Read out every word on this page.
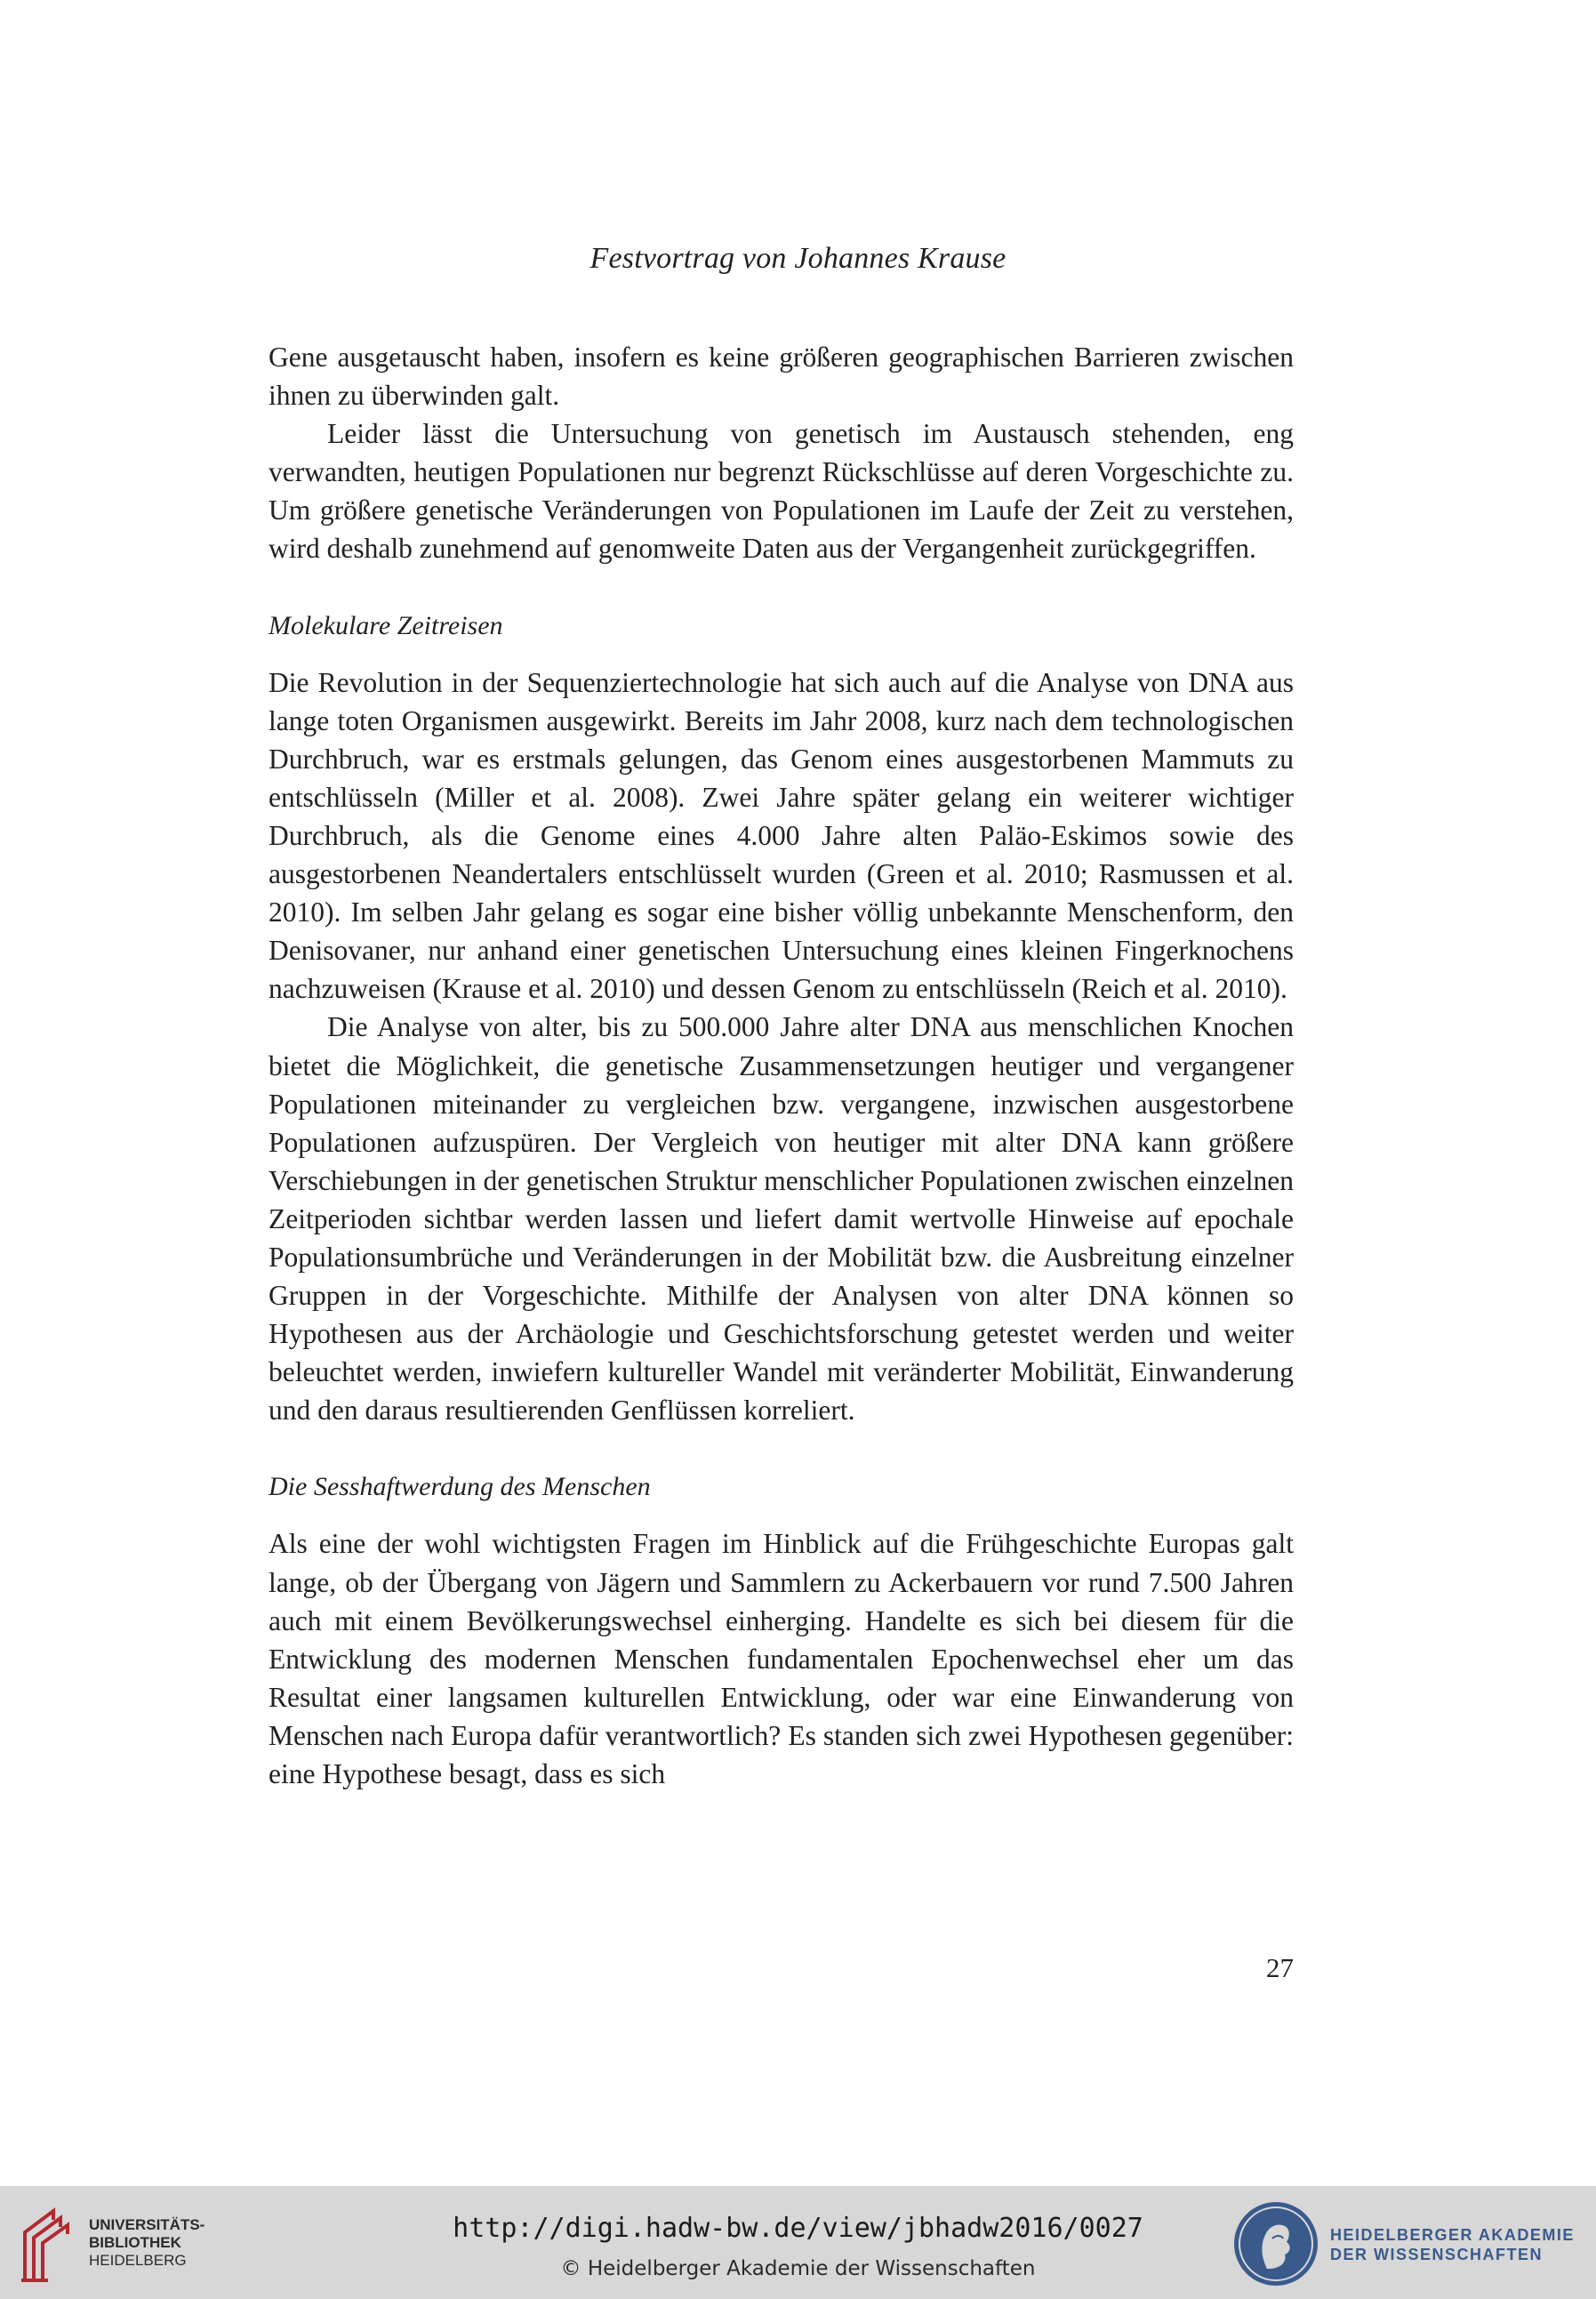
Festvortrag von Johannes Krause

Gene ausgetauscht haben, insofern es keine größeren geographischen Barrieren zwischen ihnen zu überwinden galt.

Leider lässt die Untersuchung von genetisch im Austausch stehenden, eng verwandten, heutigen Populationen nur begrenzt Rückschlüsse auf deren Vorgeschichte zu. Um größere genetische Veränderungen von Populationen im Laufe der Zeit zu verstehen, wird deshalb zunehmend auf genomweite Daten aus der Vergangenheit zurückgegriffen.

Molekulare Zeitreisen

Die Revolution in der Sequenziertechnologie hat sich auch auf die Analyse von DNA aus lange toten Organismen ausgewirkt. Bereits im Jahr 2008, kurz nach dem technologischen Durchbruch, war es erstmals gelungen, das Genom eines ausgestorbenen Mammuts zu entschlüsseln (Miller et al. 2008). Zwei Jahre später gelang ein weiterer wichtiger Durchbruch, als die Genome eines 4.000 Jahre alten Paläo-Eskimos sowie des ausgestorbenen Neandertalers entschlüsselt wurden (Green et al. 2010; Rasmussen et al. 2010). Im selben Jahr gelang es sogar eine bisher völlig unbekannte Menschenform, den Denisovaner, nur anhand einer genetischen Untersuchung eines kleinen Fingerknochens nachzuweisen (Krause et al. 2010) und dessen Genom zu entschlüsseln (Reich et al. 2010).

Die Analyse von alter, bis zu 500.000 Jahre alter DNA aus menschlichen Knochen bietet die Möglichkeit, die genetische Zusammensetzungen heutiger und vergangener Populationen miteinander zu vergleichen bzw. vergangene, inzwischen ausgestorbene Populationen aufzuspüren. Der Vergleich von heutiger mit alter DNA kann größere Verschiebungen in der genetischen Struktur menschlicher Populationen zwischen einzelnen Zeitperioden sichtbar werden lassen und liefert damit wertvolle Hinweise auf epochale Populationsumbrüche und Veränderungen in der Mobilität bzw. die Ausbreitung einzelner Gruppen in der Vorgeschichte. Mithilfe der Analysen von alter DNA können so Hypothesen aus der Archäologie und Geschichtsforschung getestet werden und weiter beleuchtet werden, inwiefern kultureller Wandel mit veränderter Mobilität, Einwanderung und den daraus resultierenden Genflüssen korreliert.

Die Sesshaftwerdung des Menschen

Als eine der wohl wichtigsten Fragen im Hinblick auf die Frühgeschichte Europas galt lange, ob der Übergang von Jägern und Sammlern zu Ackerbauern vor rund 7.500 Jahren auch mit einem Bevölkerungswechsel einherging. Handelte es sich bei diesem für die Entwicklung des modernen Menschen fundamentalen Epochenwechsel eher um das Resultat einer langsamen kulturellen Entwicklung, oder war eine Einwanderung von Menschen nach Europa dafür verantwortlich? Es standen sich zwei Hypothesen gegenüber: eine Hypothese besagt, dass es sich

27
UNIVERSITÄTS-
BIBLIOTHEK
HEIDELBERG
http://digi.hadw-bw.de/view/jbhadw2016/0027
© Heidelberger Akademie der Wissenschaften
HEIDELBERGER AKADEMIE
DER WISSENSCHAFTEN
